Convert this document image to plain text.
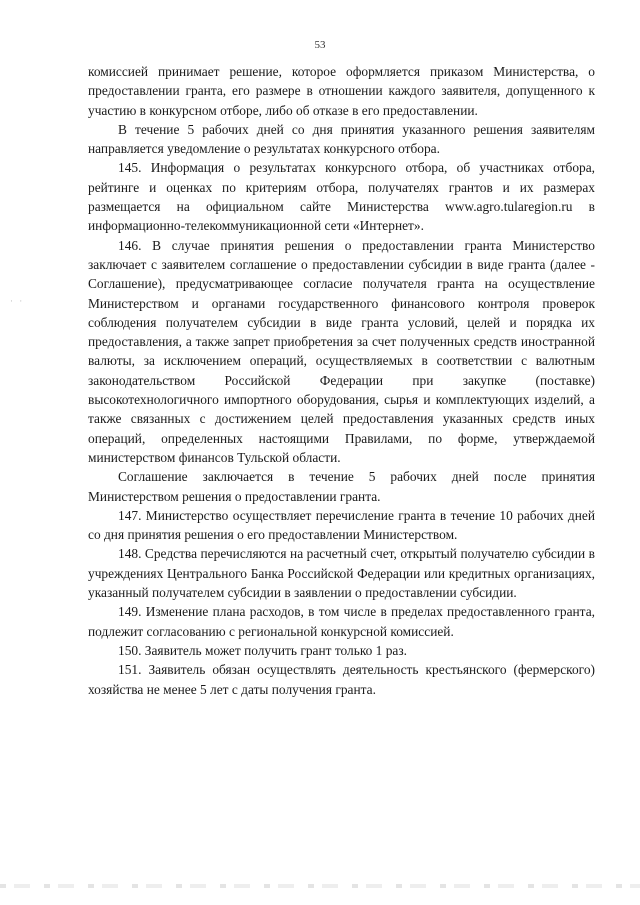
53
· ·

комиссией принимает решение, которое оформляется приказом Министерства, о предоставлении гранта, его размере в отношении каждого заявителя, допущенного к участию в конкурсном отборе, либо об отказе в его предоставлении.

В течение 5 рабочих дней со дня принятия указанного решения заявителям направляется уведомление о результатах конкурсного отбора.

145. Информация о результатах конкурсного отбора, об участниках отбора, рейтинге и оценках по критериям отбора, получателях грантов и их размерах размещается на официальном сайте Министерства www.agro.tularegion.ru в информационно-телекоммуникационной сети «Интернет».

146. В случае принятия решения о предоставлении гранта Министерство заключает с заявителем соглашение о предоставлении субсидии в виде гранта (далее - Соглашение), предусматривающее согласие получателя гранта на осуществление Министерством и органами государственного финансового контроля проверок соблюдения получателем субсидии в виде гранта условий, целей и порядка их предоставления, а также запрет приобретения за счет полученных средств иностранной валюты, за исключением операций, осуществляемых в соответствии с валютным законодательством Российской Федерации при закупке (поставке) высокотехнологичного импортного оборудования, сырья и комплектующих изделий, а также связанных с достижением целей предоставления указанных средств иных операций, определенных настоящими Правилами, по форме, утверждаемой министерством финансов Тульской области.

Соглашение заключается в течение 5 рабочих дней после принятия Министерством решения о предоставлении гранта.

147. Министерство осуществляет перечисление гранта в течение 10 рабочих дней со дня принятия решения о его предоставлении Министерством.

148. Средства перечисляются на расчетный счет, открытый получателю субсидии в учреждениях Центрального Банка Российской Федерации или кредитных организациях, указанный получателем субсидии в заявлении о предоставлении субсидии.

149. Изменение плана расходов, в том числе в пределах предоставленного гранта, подлежит согласованию с региональной конкурсной комиссией.

150. Заявитель может получить грант только 1 раз.

151. Заявитель обязан осуществлять деятельность крестьянского (фермерского) хозяйства не менее 5 лет с даты получения гранта.
